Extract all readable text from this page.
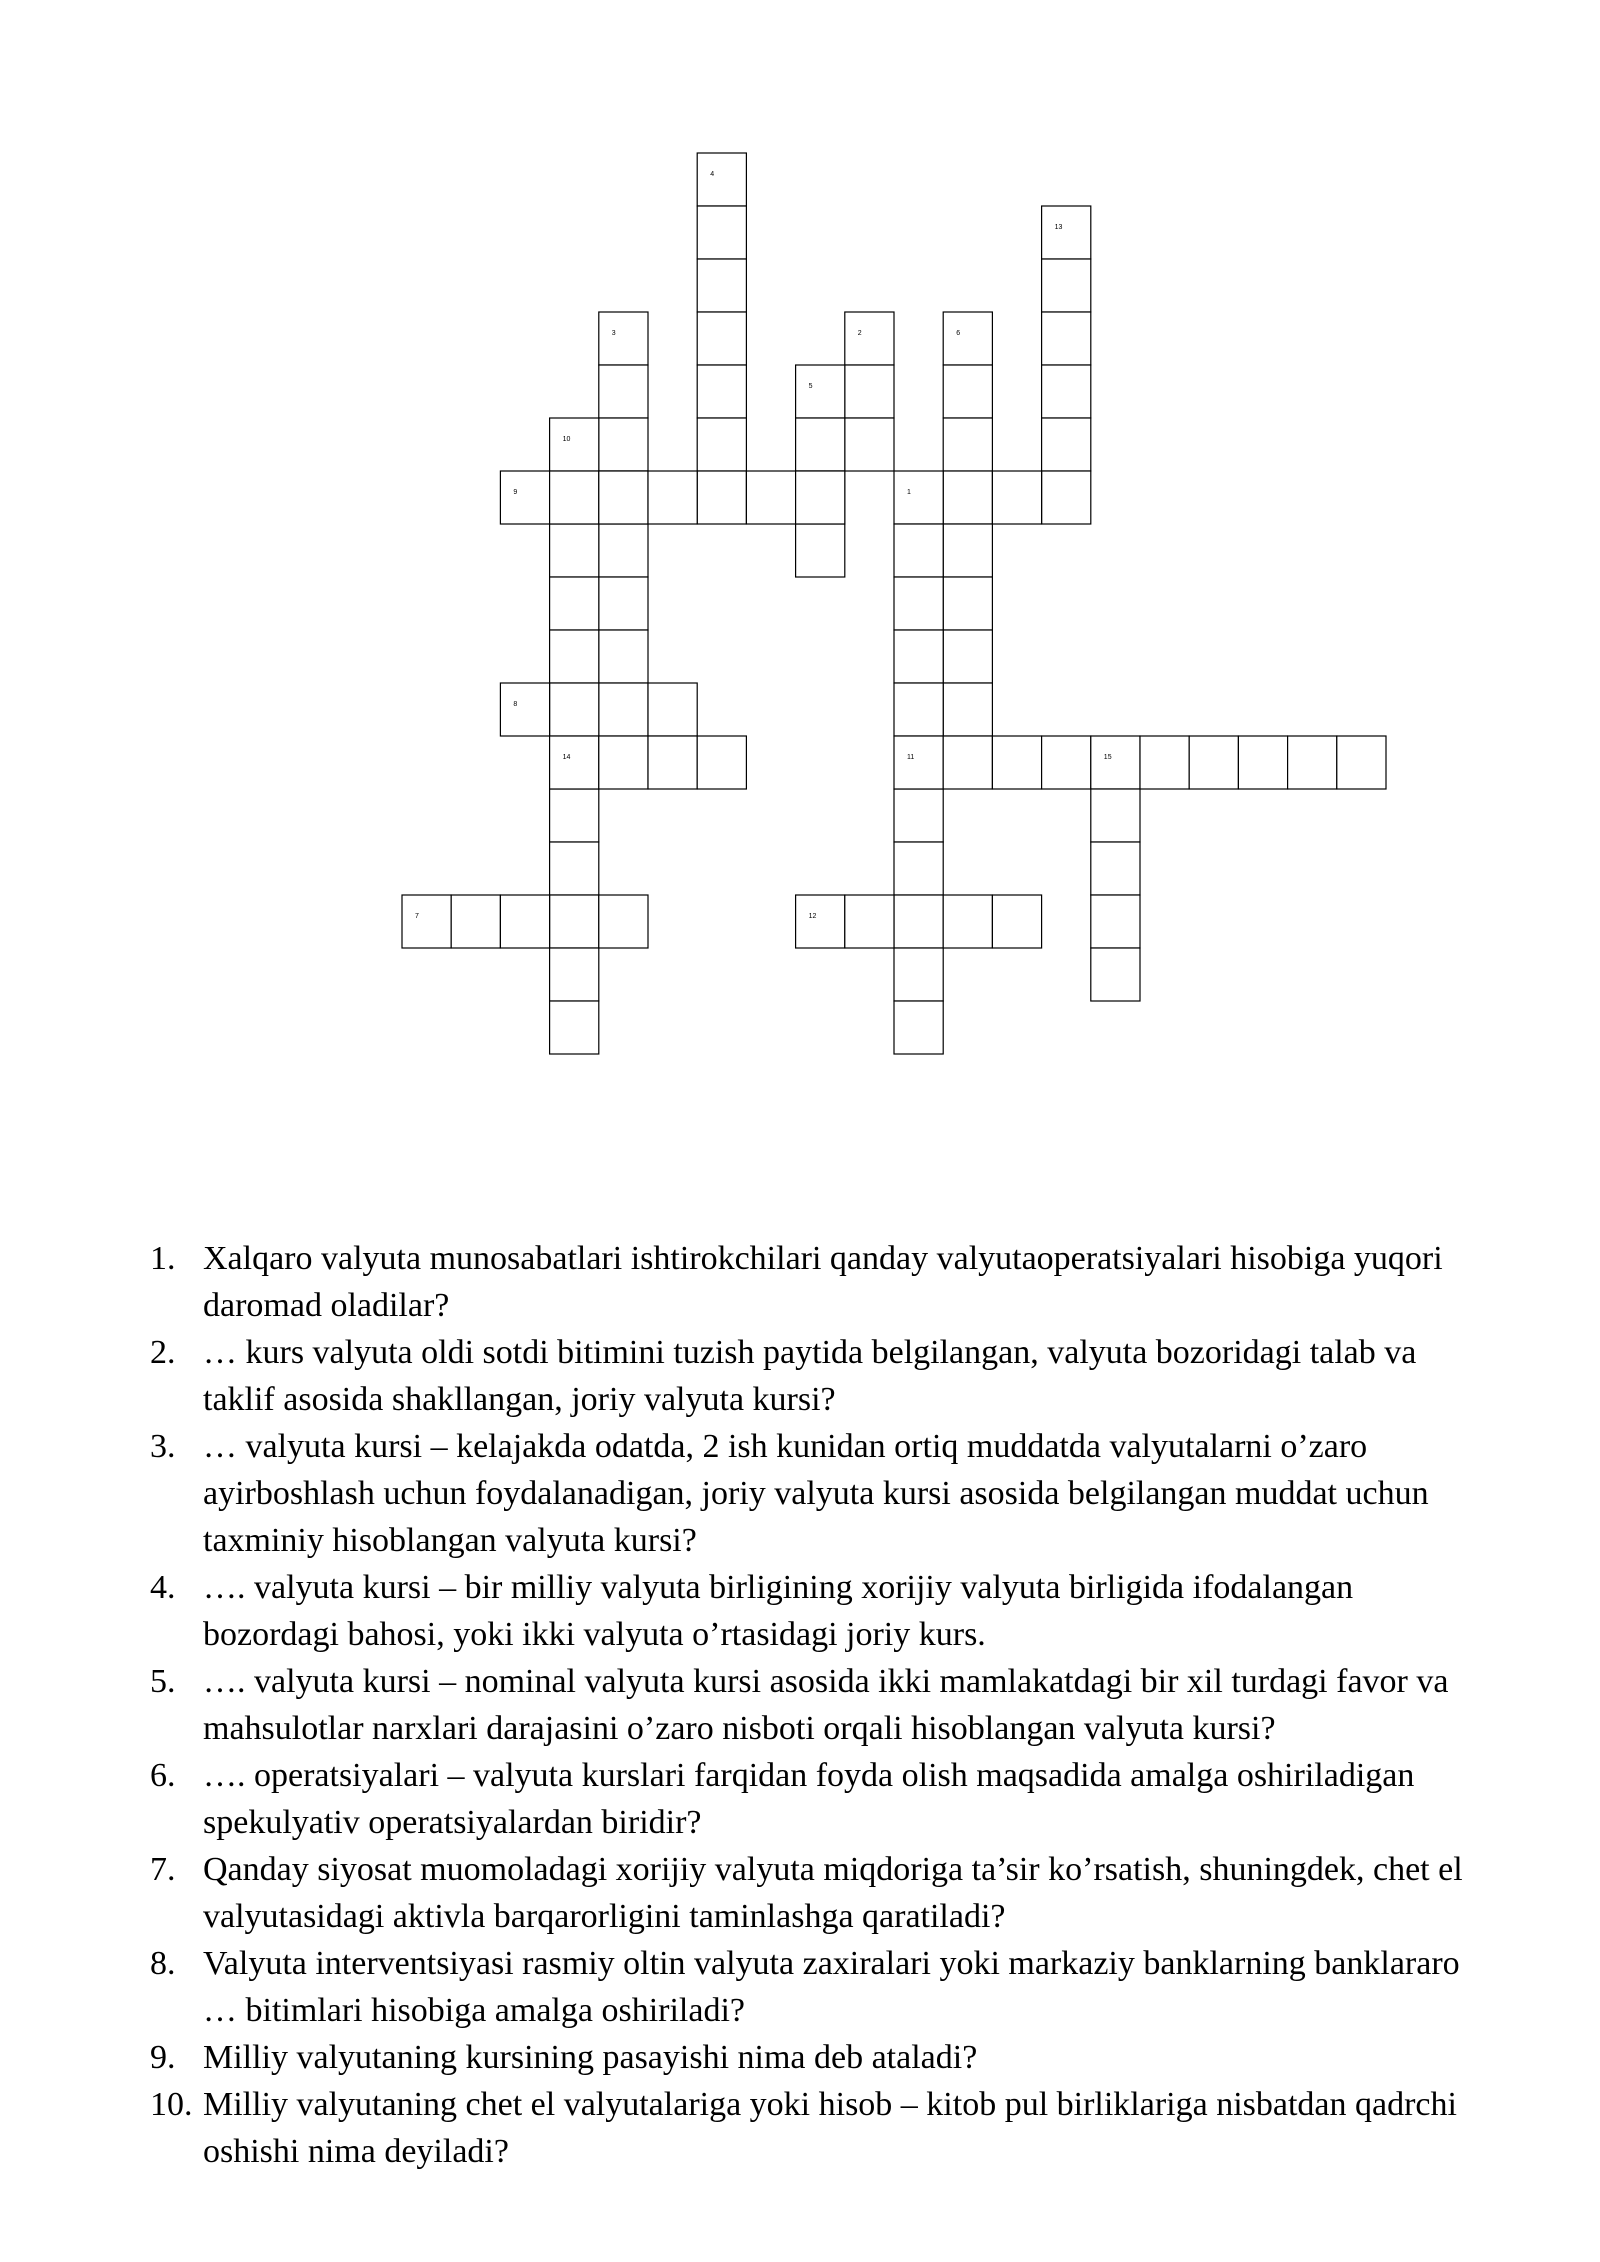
4
13
3	2	6
5
10
9	1
8
14	11	15
7	12
1. Xalqaro valyuta munosabatlari ishtirokchilari qanday valyutaoperatsiyalari hisobiga yuqori daromad oladilar?
2. … kurs valyuta oldi sotdi bitimini tuzish paytida belgilangan, valyuta bozoridagi talab va taklif asosida shakllangan, joriy valyuta kursi?
3. … valyuta kursi – kelajakda odatda, 2 ish kunidan ortiq muddatda valyutalarni o’zaro ayirboshlash uchun foydalanadigan, joriy valyuta kursi asosida belgilangan muddat uchun taxminiy hisoblangan valyuta kursi?
4. …. valyuta kursi – bir milliy valyuta birligining xorijiy valyuta birligida ifodalangan bozordagi bahosi, yoki ikki valyuta o’rtasidagi joriy kurs.
5. …. valyuta kursi – nominal valyuta kursi asosida ikki mamlakatdagi bir xil turdagi favor va mahsulotlar narxlari darajasini o’zaro nisboti orqali hisoblangan valyuta kursi?
6. …. operatsiyalari – valyuta kurslari farqidan foyda olish maqsadida amalga oshiriladigan spekulyativ operatsiyalardan biridir?
7. Qanday siyosat muomoladagi xorijiy valyuta miqdoriga ta’sir ko’rsatish, shuningdek, chet el valyutasidagi aktivla barqarorligini taminlashga qaratiladi?
8. Valyuta interventsiyasi rasmiy oltin valyuta zaxiralari yoki markaziy banklarning banklararo … bitimlari hisobiga amalga oshiriladi?
9. Milliy valyutaning kursining pasayishi nima deb ataladi?
10. Milliy valyutaning chet el valyutalariga yoki hisob – kitob pul birliklariga nisbatdan qadrchi oshishi nima deyiladi?
